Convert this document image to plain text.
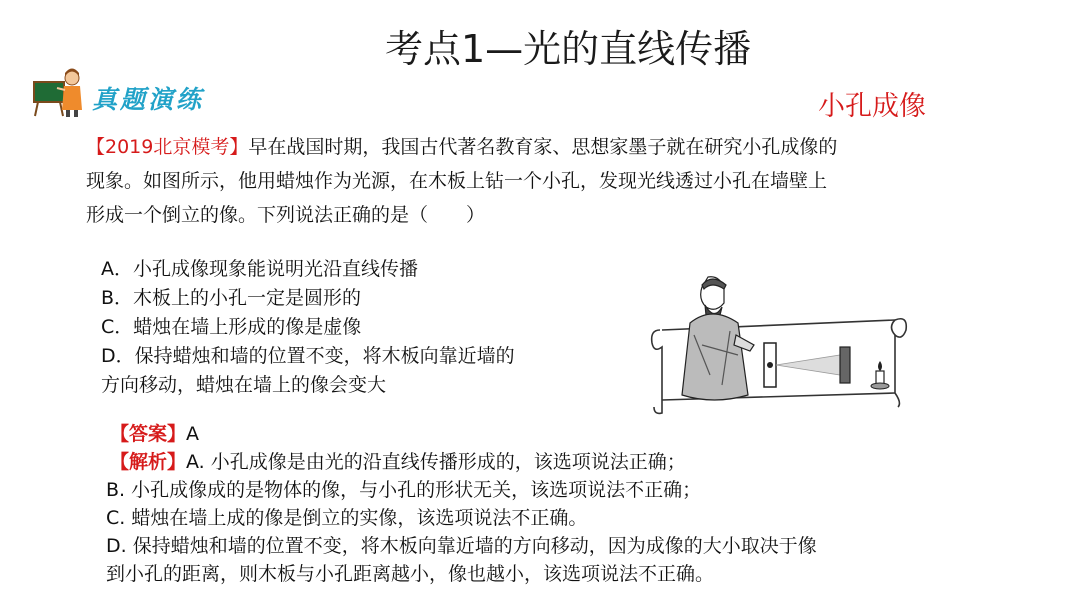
考点1—光的直线传播
真题演练	小孔成像
【2019北京模考】早在战国时期，我国古代著名教育家、思想家墨子就在研究小孔成像的
现象。如图所示，他用蜡烛作为光源，在木板上钻一个小孔，发现光线透过小孔在墙壁上
形成一个倒立的像。下列说法正确的是（　　）
A．小孔成像现象能说明光沿直线传播
B．木板上的小孔一定是圆形的
C．蜡烛在墙上形成的像是虚像
D．保持蜡烛和墙的位置不变，将木板向靠近墙的
方向移动，蜡烛在墙上的像会变大
【答案】A
【解析】A. 小孔成像是由光的沿直线传播形成的，该选项说法正确；
B. 小孔成像成的是物体的像，与小孔的形状无关，该选项说法不正确；
C. 蜡烛在墙上成的像是倒立的实像，该选项说法不正确。
D. 保持蜡烛和墙的位置不变，将木板向靠近墙的方向移动，因为成像的大小取决于像
到小孔的距离，则木板与小孔距离越小，像也越小，该选项说法不正确。
